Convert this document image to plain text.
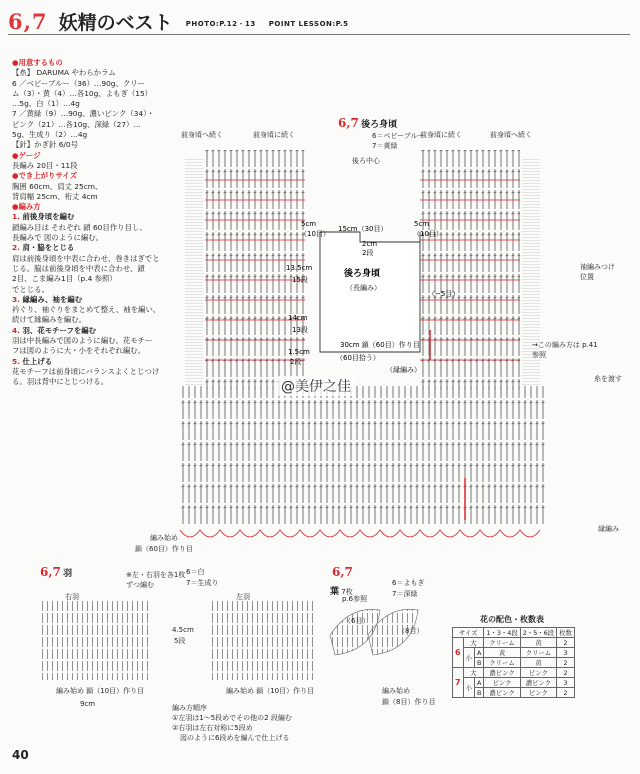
6,7 妖精のベスト PHOTO:P.12・13 POINT LESSON:P.5

●用意するもの

【糸】 DARUMA やわらかラム

6 ／ベビーブルー（36）…90g、クリー

ム（3）・黄（4）…各10g、よもぎ（15）

…5g、白（1）…4g

7 ／黄緑（9）…90g、濃いピンク（34）・

ピンク（21）…各10g、深緑（27）…

5g、生成り（2）…4g

【針】かぎ針 6/0号

●ゲージ

長編み 20目・11段

●でき上がりサイズ

胸囲 60cm、肩丈 25cm、

背肩幅 25cm、裄丈 4cm

●編み方

1. 前後身頃を編む

鎖編み目は それぞれ 鎖 60目作り目し、

長編みで 図のように編む。

2. 肩・脇をとじる

肩は前後身頃を中表に合わせ、巻きはぎでと

じる。脇は前後身頃を中表に合わせ、鎖

2目、こま編み1目（p.4 参照）

でとじる。

3. 縁編み、袖を編む

衿ぐり、袖ぐりをまとめて整え、袖を編い、

続けて縁編みを編む。

4. 羽、花モチーフを編む

羽は中長編みで図のように編む。花モチー

フは図のように大・小をそれぞれ編む。

5. 仕上げる

花モチーフは前身頃にバランスよくとじつけ

る。羽は背中にとじつける。

5cm
（10目）
15cm（30目）
5cm
（10目）
2cm
2段
13.5cm
15段
14cm
13段
1.5cm
2段
（−5目）
30cm 鎖（60目）作り目
（60目拾う）
（縁編み）
後ろ身頃
（長編み）
6,7 後ろ身頃
6＝ベビーブルー
7＝黄緑
後ろ中心
前身頃へ続く	前身頃に続く	前身頃に続く	前身頃へ続く
袖編みつけ位置
→この編み方は p.41参照
糸を渡す
縁編み
編み始め
鎖（60目）作り目
@美伊之佳
6,7 羽	※左・右羽を各1枚ずつ編む
6＝白
7＝生成り
右羽	左羽
4.5cm
5段
9cm
編み始め 鎖（10目）作り目	編み始め 鎖（10目）作り目
編み方順序
①左羽は1〜5段めでその他の2 段編む
②右羽は左右対称に5段め
図のように6段めを編んで仕上げる
6,7
葉 7枚
p.6参照
6＝よもぎ
7＝深緑
（6目）
（8目）
編み始め
鎖（8目）作り目
花の配色・枚数表
サイズ			1・3・4段	2・5・6段	枚数
6	大		クリーム	黄	2
	小	A	黄	クリーム	3
		B	クリーム	黄	2
7	大		濃ピンク	ピンク	2
	小	A	ピンク	濃ピンク	3
		B	濃ピンク	ピンク	2
40
